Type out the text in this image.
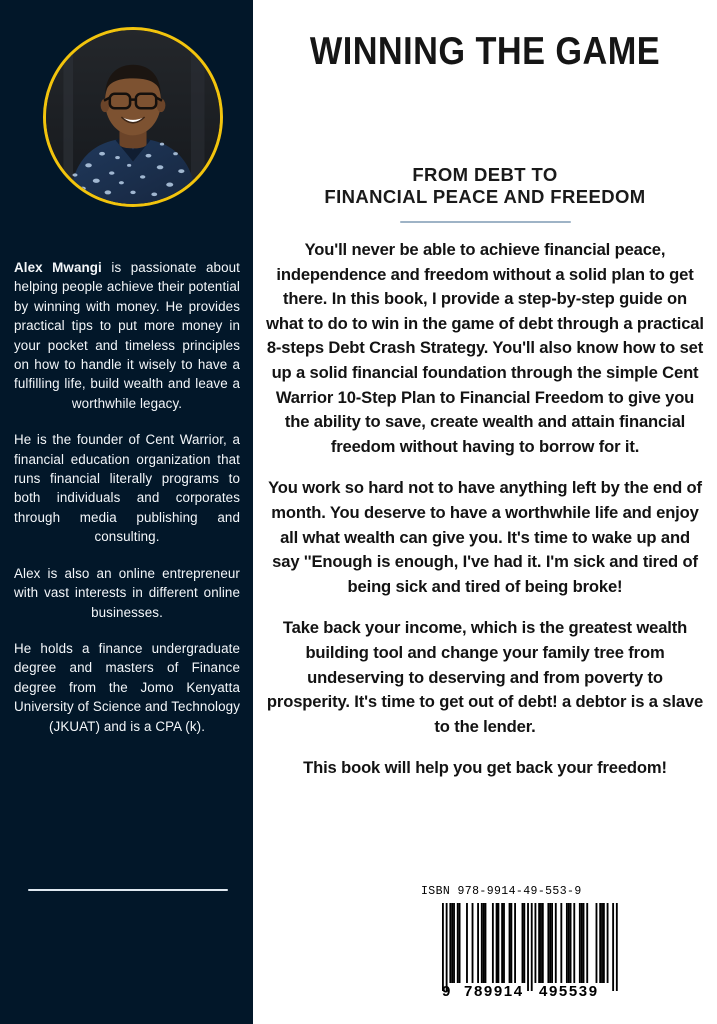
Alex Mwangi is passionate about helping people achieve their potential by winning with money. He provides practical tips to put more money in your pocket and timeless principles on how to handle it wisely to have a fulfilling life, build wealth and leave a worthwhile legacy.

He is the founder of Cent Warrior, a financial education organization that runs financial literally programs to both individuals and corporates through media publishing and consulting.

Alex is also an online entrepreneur with vast interests in different online businesses.

He holds a finance undergraduate degree and masters of Finance degree from the Jomo Kenyatta University of Science and Technology (JKUAT) and is a CPA (k).

WINNING THE GAME
OF DEBT
FROM DEBT TO
FINANCIAL PEACE AND FREEDOM

You'll never be able to achieve financial peace, independence and freedom without a solid plan to get there. In this book, I provide a step-by-step guide on what to do to win in the game of debt through a practical 8-steps Debt Crash Strategy. You'll also know how to set up a solid financial foundation through the simple Cent Warrior 10-Step Plan to Financial Freedom to give you the ability to save, create wealth and attain financial freedom without having to borrow for it.

You work so hard not to have anything left by the end of month. You deserve to have a worthwhile life and enjoy all what wealth can give you. It's time to wake up and say ''Enough is enough, I've had it. I'm sick and tired of being sick and tired of being broke!

Take back your income, which is the greatest wealth building tool and change your family tree from undeserving to deserving and from poverty to prosperity. It's time to get out of debt! a debtor is a slave to the lender.

This book will help you get back your freedom!

ISBN 978-9914-49-553-9
9 789914 495539
